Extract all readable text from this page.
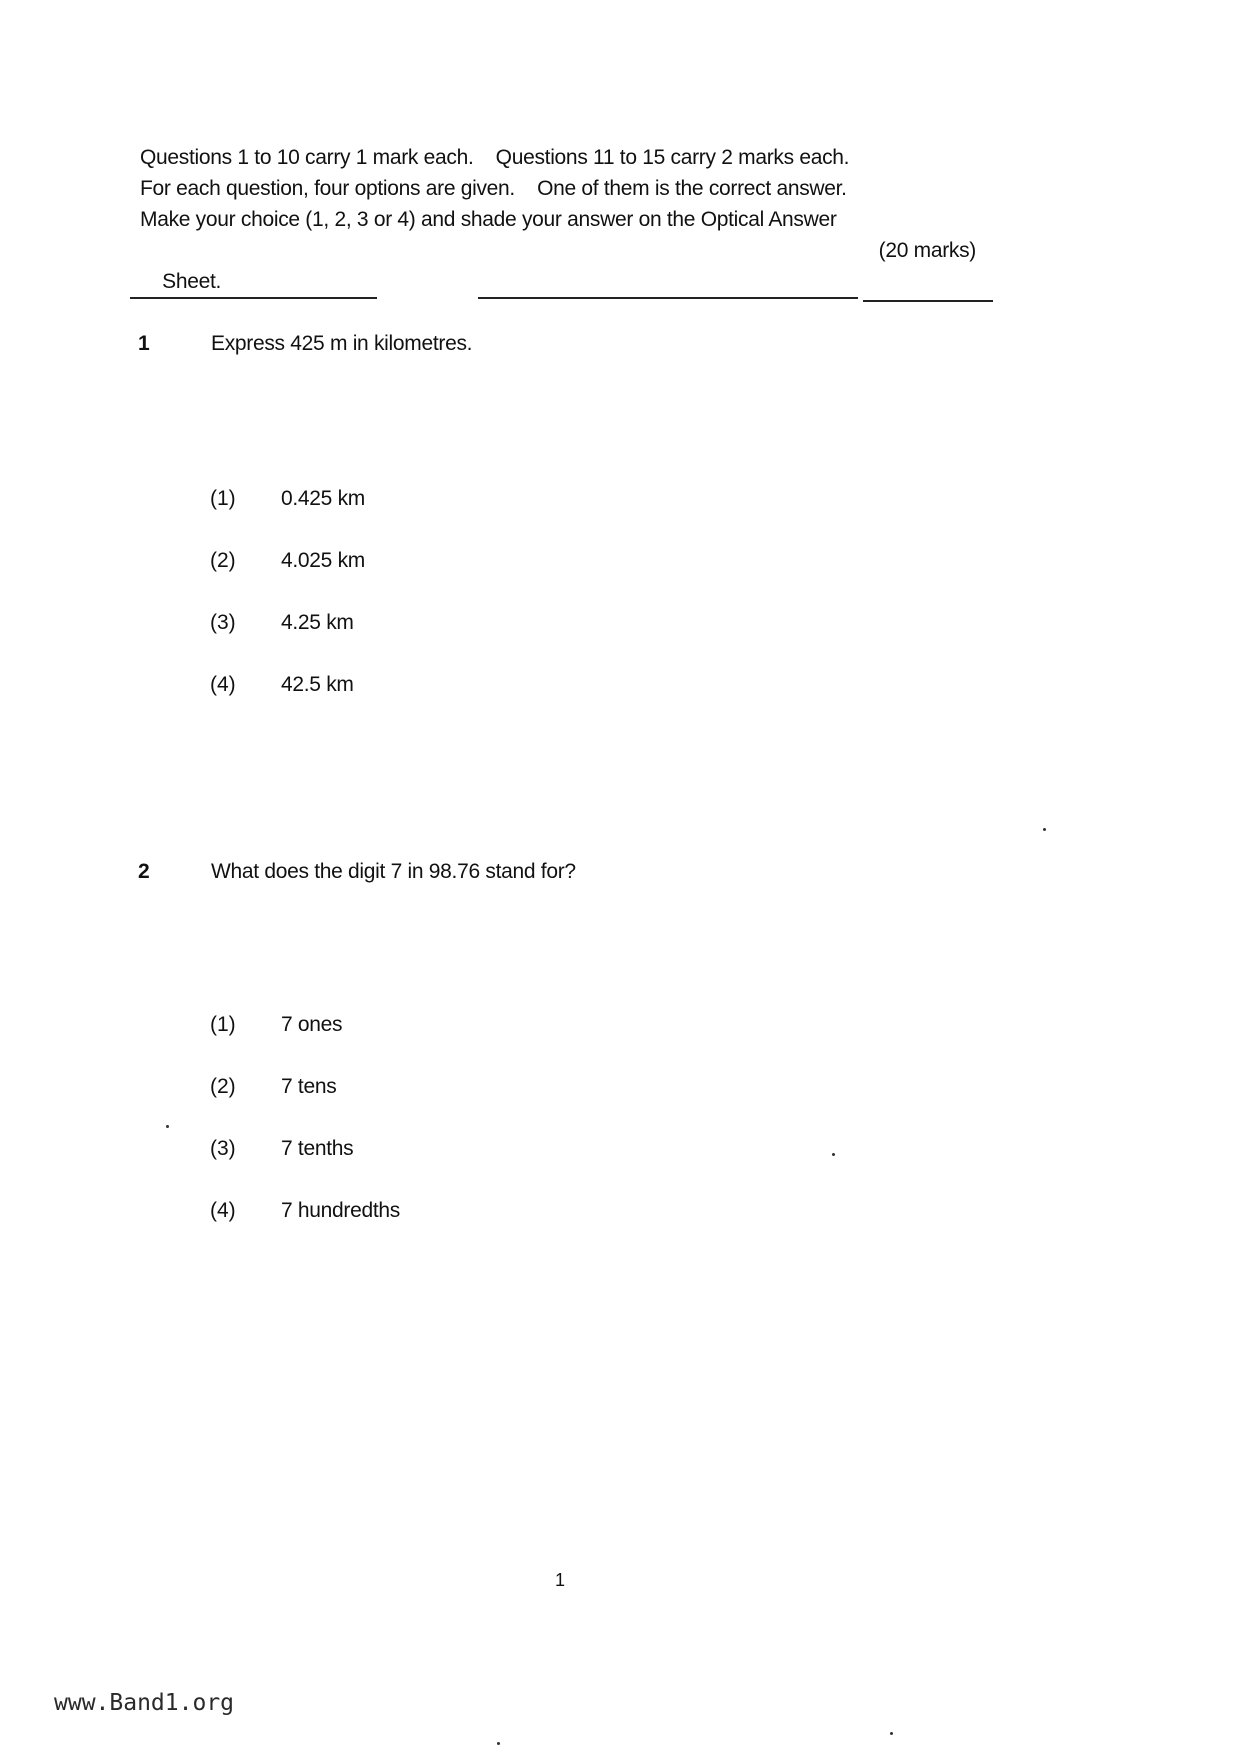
Questions 1 to 10 carry 1 mark each.    Questions 11 to 15 carry 2 marks each.
For each question, four options are given.    One of them is the correct answer.
Make your choice (1, 2, 3 or 4) and shade your answer on the Optical Answer

Sheet.

(20 marks)

1	Express 425 m in kilometres.
(1) 0.425 km
(2) 4.025 km
(3) 4.25 km
(4) 42.5 km
2	What does the digit 7 in 98.76 stand for?
(1) 7 ones
(2) 7 tens
(3) 7 tenths
(4) 7 hundredths
1
www.Band1.org
